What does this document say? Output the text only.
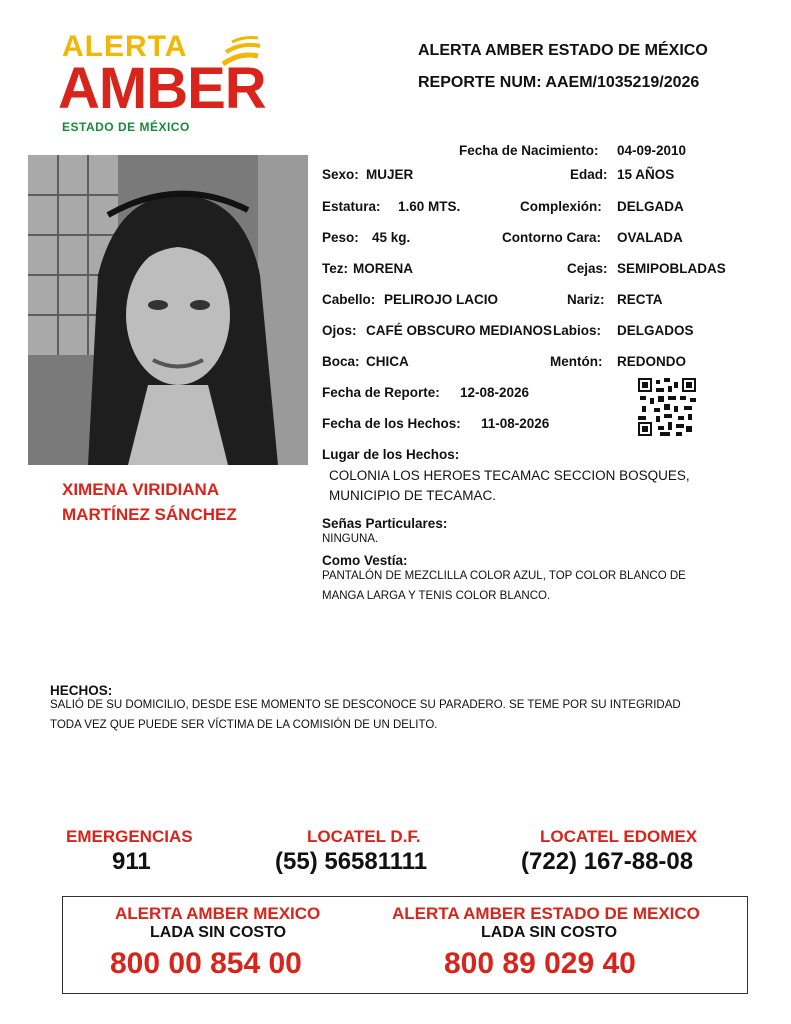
ALERTA
AMBER
ESTADO DE MÉXICO
ALERTA AMBER ESTADO DE MÉXICO
REPORTE NUM: AAEM/1035219/2026
XIMENA VIRIDIANA
MARTÍNEZ SÁNCHEZ
Fecha de Nacimiento: 04-09-2010
Sexo: MUJER	Edad: 15 AÑOS
Estatura: 1.60 MTS.	Complexión: DELGADA
Peso: 45 kg.	Contorno Cara: OVALADA
Tez: MORENA	Cejas: SEMIPOBLADAS
Cabello: PELIROJO LACIO	Nariz: RECTA
Ojos: CAFÉ OBSCURO MEDIANOS Labios: DELGADOS
Boca: CHICA	Mentón: REDONDO
Fecha de Reporte: 12-08-2026
Fecha de los Hechos: 11-08-2026
Lugar de los Hechos:
COLONIA LOS HEROES TECAMAC SECCION BOSQUES,
MUNICIPIO DE TECAMAC.
Señas Particulares:
NINGUNA.
Como Vestía:
PANTALÓN DE MEZCLILLA COLOR AZUL, TOP COLOR BLANCO DE
MANGA LARGA Y TENIS COLOR BLANCO.
HECHOS:
SALIÓ DE SU DOMICILIO, DESDE ESE MOMENTO SE DESCONOCE SU PARADERO. SE TEME POR SU INTEGRIDAD
TODA VEZ QUE PUEDE SER VÍCTIMA DE LA COMISIÓN DE UN DELITO.
EMERGENCIAS
911
LOCATEL D.F.
(55) 56581111
LOCATEL EDOMEX
(722) 167-88-08
ALERTA AMBER MEXICO
LADA SIN COSTO
800 00 854 00
ALERTA AMBER ESTADO DE MEXICO
LADA SIN COSTO
800 89 029 40
